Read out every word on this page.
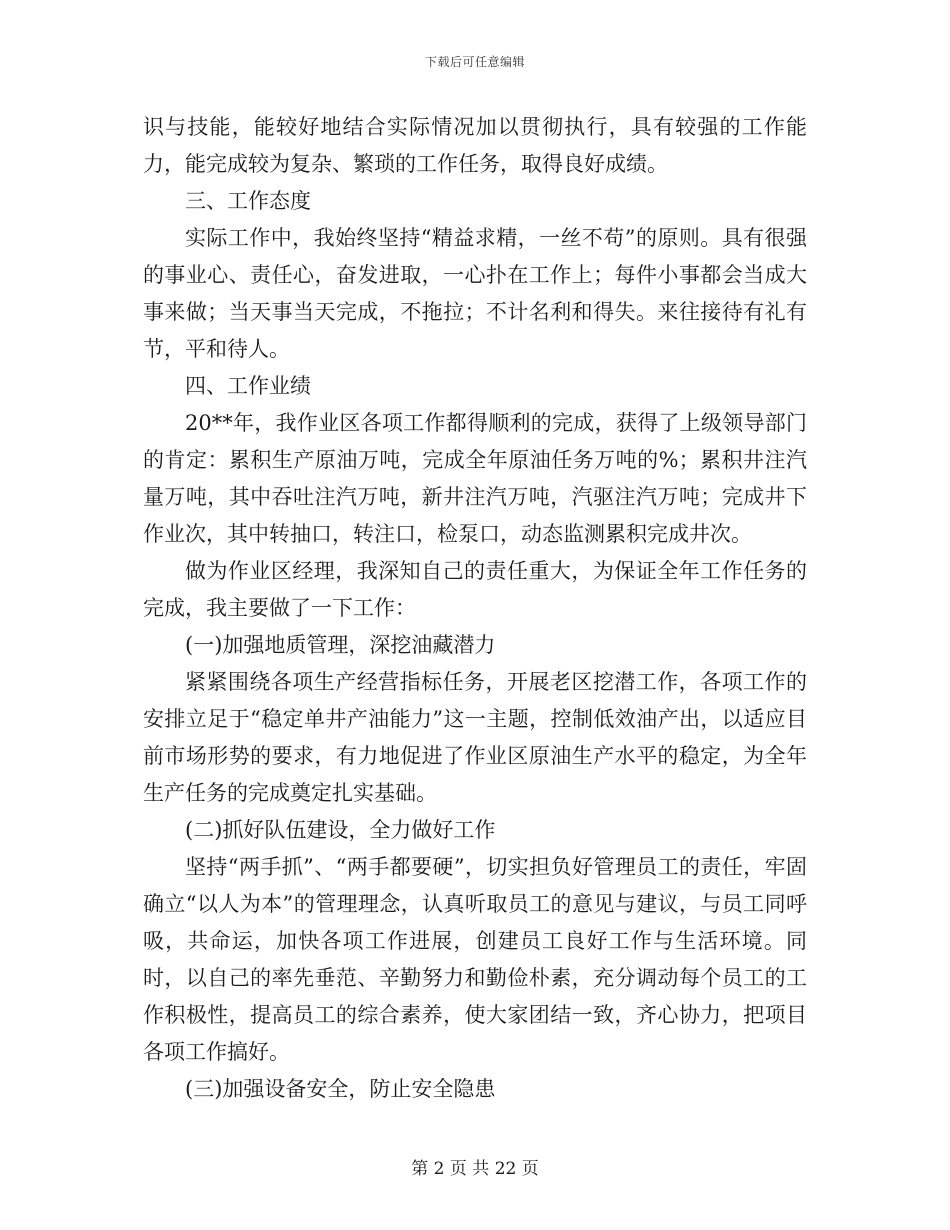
下载后可任意编辑

识与技能，能较好地结合实际情况加以贯彻执行，具有较强的工作能力，能完成较为复杂、繁琐的工作任务，取得良好成绩。

三、工作态度

实际工作中，我始终坚持“精益求精，一丝不苟”的原则。具有很强的事业心、责任心，奋发进取，一心扑在工作上；每件小事都会当成大事来做；当天事当天完成，不拖拉；不计名利和得失。来往接待有礼有节，平和待人。

四、工作业绩

20**年，我作业区各项工作都得顺利的完成，获得了上级领导部门的肯定：累积生产原油万吨，完成全年原油任务万吨的%；累积井注汽量万吨，其中吞吐注汽万吨，新井注汽万吨，汽驱注汽万吨；完成井下作业次，其中转抽口，转注口，检泵口，动态监测累积完成井次。

做为作业区经理，我深知自己的责任重大，为保证全年工作任务的完成，我主要做了一下工作：

(一)加强地质管理，深挖油藏潜力

紧紧围绕各项生产经营指标任务，开展老区挖潜工作，各项工作的安排立足于“稳定单井产油能力”这一主题，控制低效油产出，以适应目前市场形势的要求，有力地促进了作业区原油生产水平的稳定，为全年生产任务的完成奠定扎实基础。

(二)抓好队伍建设，全力做好工作

坚持“两手抓”、“两手都要硬”，切实担负好管理员工的责任，牢固确立“以人为本”的管理理念，认真听取员工的意见与建议，与员工同呼吸，共命运，加快各项工作进展，创建员工良好工作与生活环境。同时，以自己的率先垂范、辛勤努力和勤俭朴素，充分调动每个员工的工作积极性，提高员工的综合素养，使大家团结一致，齐心协力，把项目各项工作搞好。

(三)加强设备安全，防止安全隐患

第 2 页 共 22 页
